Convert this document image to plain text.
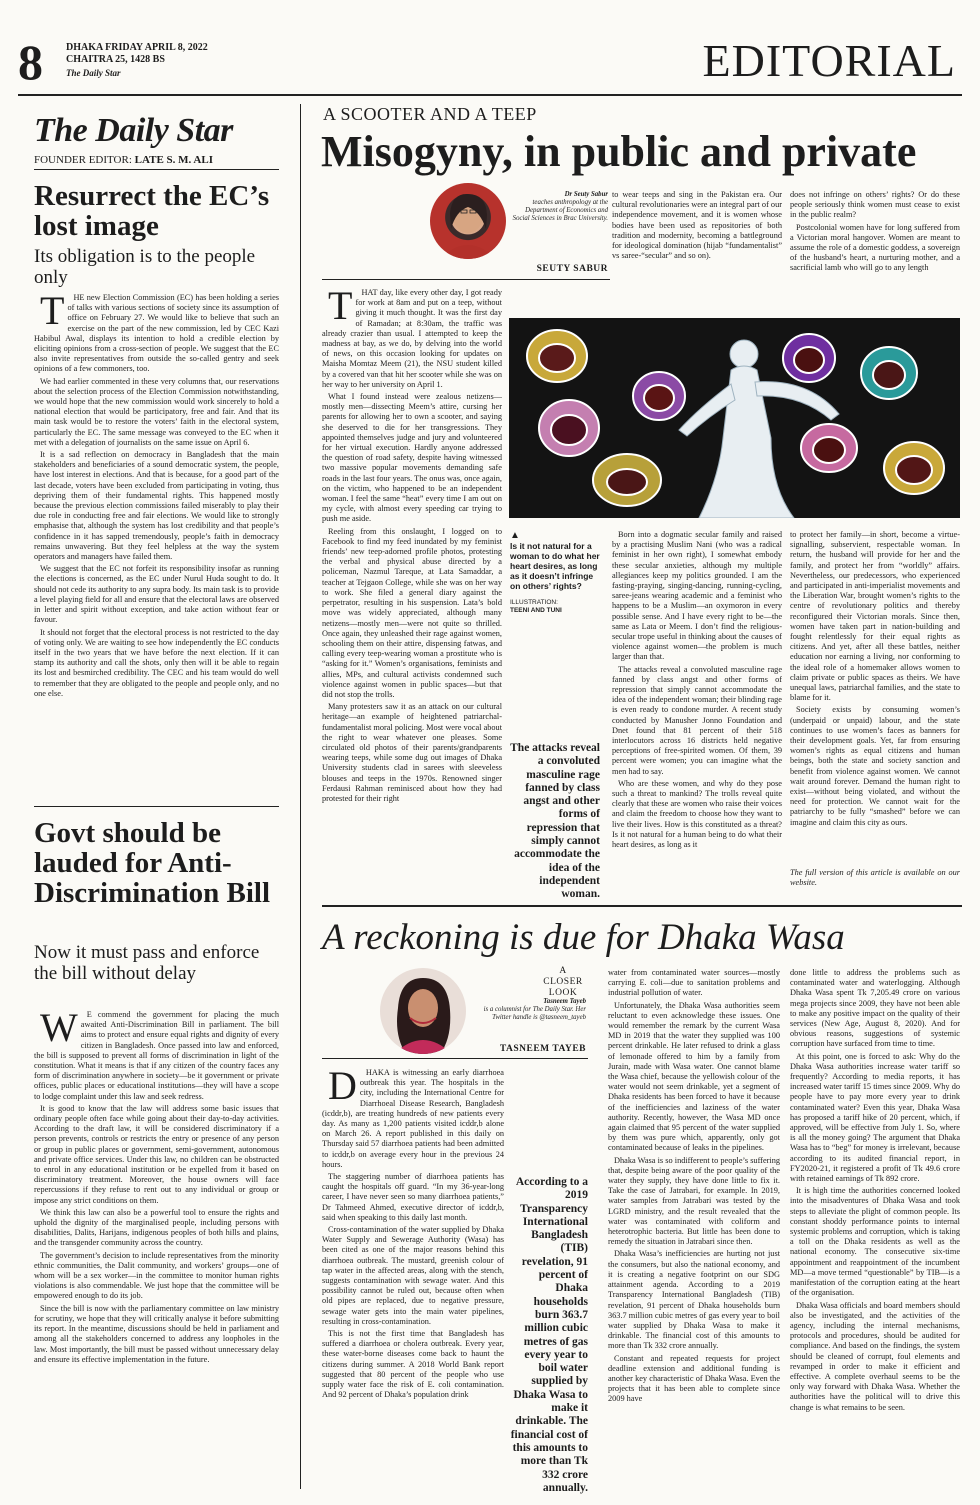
8 DHAKA FRIDAY APRIL 8, 2022
CHAITRA 25, 1428 BS
The Daily Star	EDITORIAL
The Daily Star
FOUNDER EDITOR: LATE S. M. ALI
Resurrect the EC’s lost image
Its obligation is to the people only

THE new Election Commission (EC) has been holding a series of talks with various sections of society since its assumption of office on February 27. We would like to believe that such an exercise on the part of the new commission, led by CEC Kazi Habibul Awal, displays its intention to hold a credible election by eliciting opinions from a cross-section of people. We suggest that the EC also invite representatives from outside the so-called gentry and seek opinions of a few commoners, too.

We had earlier commented in these very columns that, our reservations about the selection process of the Election Commission notwithstanding, we would hope that the new commission would work sincerely to hold a national election that would be participatory, free and fair. And that its main task would be to restore the voters’ faith in the electoral system, particularly the EC. The same message was conveyed to the EC when it met with a delegation of journalists on the same issue on April 6.

It is a sad reflection on democracy in Bangladesh that the main stakeholders and beneficiaries of a sound democratic system, the people, have lost interest in elections. And that is because, for a good part of the last decade, voters have been excluded from participating in voting, thus depriving them of their fundamental rights. This happened mostly because the previous election commissions failed miserably to play their due role in conducting free and fair elections. We would like to strongly emphasise that, although the system has lost credibility and that people’s confidence in it has sapped tremendously, people’s faith in democracy remains unwavering. But they feel helpless at the way the system operators and managers have failed them.

We suggest that the EC not forfeit its responsibility insofar as running the elections is concerned, as the EC under Nurul Huda sought to do. It should not cede its authority to any supra body. Its main task is to provide a level playing field for all and ensure that the electoral laws are observed in letter and spirit without exception, and take action without fear or favour.

It should not forget that the electoral process is not restricted to the day of voting only. We are waiting to see how independently the EC conducts itself in the two years that we have before the next election. If it can stamp its authority and call the shots, only then will it be able to regain its lost and besmirched credibility. The CEC and his team would do well to remember that they are obligated to the people and people only, and no one else.

Govt should be lauded for Anti-Discrimination Bill
Now it must pass and enforce the bill without delay

WE commend the government for placing the much awaited Anti-Discrimination Bill in parliament. The bill aims to protect and ensure equal rights and dignity of every citizen in Bangladesh. Once passed into law and enforced, the bill is supposed to prevent all forms of discrimination in light of the constitution. What it means is that if any citizen of the country faces any form of discrimination anywhere in society—be it government or private offices, public places or educational institutions—they will have a scope to lodge complaint under this law and seek redress.

It is good to know that the law will address some basic issues that ordinary people often face while going about their day-to-day activities. According to the draft law, it will be considered discriminatory if a person prevents, controls or restricts the entry or presence of any person or group in public places or government, semi-government, autonomous and private office services. Under this law, no children can be obstructed to enrol in any educational institution or be expelled from it based on discriminatory treatment. Moreover, the house owners will face repercussions if they refuse to rent out to any individual or group or impose any strict conditions on them.

We think this law can also be a powerful tool to ensure the rights and uphold the dignity of the marginalised people, including persons with disabilities, Dalits, Harijans, indigenous peoples of both hills and plains, and the transgender community across the country.

The government’s decision to include representatives from the minority ethnic communities, the Dalit community, and workers’ groups—one of whom will be a sex worker—in the committee to monitor human rights violations is also commendable. We just hope that the committee will be empowered enough to do its job.

Since the bill is now with the parliamentary committee on law ministry for scrutiny, we hope that they will critically analyse it before submitting its report. In the meantime, discussions should be held in parliament and among all the stakeholders concerned to address any loopholes in the law. Most importantly, the bill must be passed without unnecessary delay and ensure its effective implementation in the future.

A SCOOTER AND A TEEP
Misogyny, in public and private
Dr Seuty Sabur
teaches anthropology at the Department of Economics and Social Sciences in Brac University.
SEUTY SABUR

THAT day, like every other day, I got ready for work at 8am and put on a teep, without giving it much thought. It was the first day of Ramadan; at 8:30am, the traffic was already crazier than usual. I attempted to keep the madness at bay, as we do, by delving into the world of news, on this occasion looking for updates on Maisha Momtaz Meem (21), the NSU student killed by a covered van that hit her scooter while she was on her way to her university on April 1.

What I found instead were zealous netizens—mostly men—dissecting Meem’s attire, cursing her parents for allowing her to own a scooter, and saying she deserved to die for her transgressions. They appointed themselves judge and jury and volunteered for her virtual execution. Hardly anyone addressed the question of road safety, despite having witnessed two massive popular movements demanding safe roads in the last four years. The onus was, once again, on the victim, who happened to be an independent woman. I feel the same “heat” every time I am out on my cycle, with almost every speeding car trying to push me aside.

Reeling from this onslaught, I logged on to Facebook to find my feed inundated by my feminist friends’ new teep-adorned profile photos, protesting the verbal and physical abuse directed by a policeman, Nazmul Tareque, at Lata Samaddar, a teacher at Tejgaon College, while she was on her way to work. She filed a general diary against the perpetrator, resulting in his suspension. Lata’s bold move was widely appreciated, although many netizens—mostly men—were not quite so thrilled. Once again, they unleashed their rage against women, schooling them on their attire, dispensing fatwas, and calling every teep-wearing woman a prostitute who is “asking for it.” Women’s organisations, feminists and allies, MPs, and cultural activists condemned such violence against women in public spaces—but that did not stop the trolls.

Many protesters saw it as an attack on our cultural heritage—an example of heightened patriarchal-fundamentalist moral policing. Most were vocal about the right to wear whatever one pleases. Some circulated old photos of their parents/grandparents wearing teeps, while some dug out images of Dhaka University students clad in sarees with sleeveless blouses and teeps in the 1970s. Renowned singer Ferdausi Rahman reminisced about how they had protested for their right

to wear teeps and sing in the Pakistan era. Our cultural revolutionaries were an integral part of our independence movement, and it is women whose bodies have been used as repositories of both tradition and modernity, becoming a battleground for ideological domination (hijab “fundamentalist” vs saree-“secular” and so on).

does not infringe on others’ rights? Or do these people seriously think women must cease to exist in the public realm?

Postcolonial women have for long suffered from a Victorian moral hangover. Women are meant to assume the role of a domestic goddess, a sovereign of the husband’s heart, a nurturing mother, and a sacrificial lamb who will go to any length

▲
Is it not natural for a woman to do what her heart desires, as long as it doesn’t infringe on others’ rights?
ILLUSTRATION:
TEENI AND TUNI
The attacks reveal a convoluted masculine rage fanned by class angst and other forms of repression that simply cannot accommodate the idea of the independent woman.

Born into a dogmatic secular family and raised by a practising Muslim Nani (who was a radical feminist in her own right), I somewhat embody these secular anxieties, although my multiple allegiances keep my politics grounded. I am the fasting-praying, singing-dancing, running-cycling, saree-jeans wearing academic and a feminist who happens to be a Muslim—an oxymoron in every possible sense. And I have every right to be—the same as Lata or Meem. I don’t find the religious-secular trope useful in thinking about the causes of violence against women—the problem is much larger than that.

The attacks reveal a convoluted masculine rage fanned by class angst and other forms of repression that simply cannot accommodate the idea of the independent woman; their blinding rage is even ready to condone murder. A recent study conducted by Manusher Jonno Foundation and Dnet found that 81 percent of their 518 interlocutors across 16 districts held negative perceptions of free-spirited women. Of them, 39 percent were women; you can imagine what the men had to say.

Who are these women, and why do they pose such a threat to mankind? The trolls reveal quite clearly that these are women who raise their voices and claim the freedom to choose how they want to live their lives. How is this constituted as a threat? Is it not natural for a human being to do what their heart desires, as long as it

to protect her family—in short, become a virtue-signalling, subservient, respectable woman. In return, the husband will provide for her and the family, and protect her from “worldly” affairs. Nevertheless, our predecessors, who experienced and participated in anti-imperialist movements and the Liberation War, brought women’s rights to the centre of revolutionary politics and thereby reconfigured their Victorian morals. Since then, women have taken part in nation-building and fought relentlessly for their equal rights as citizens. And yet, after all these battles, neither education nor earning a living, nor conforming to the ideal role of a homemaker allows women to claim private or public spaces as theirs. We have unequal laws, patriarchal families, and the state to blame for it.

Society exists by consuming women’s (underpaid or unpaid) labour, and the state continues to use women’s faces as banners for their development goals. Yet, far from ensuring women’s rights as equal citizens and human beings, both the state and society sanction and benefit from violence against women. We cannot wait around forever. Demand the human right to exist—without being violated, and without the need for protection. We cannot wait for the patriarchy to be fully “smashed” before we can imagine and claim this city as ours.

The full version of this article is available on our website.
A reckoning is due for Dhaka Wasa
A CLOSER LOOK
Tasneem Tayeb
is a columnist for The Daily Star. Her Twitter handle is @tasneem_tayeb
TASNEEM TAYEB

DHAKA is witnessing an early diarrhoea outbreak this year. The hospitals in the city, including the International Centre for Diarrhoeal Disease Research, Bangladesh (icddr,b), are treating hundreds of new patients every day. As many as 1,200 patients visited icddr,b alone on March 26. A report published in this daily on Thursday said 57 diarrhoea patients had been admitted to icddr,b on average every hour in the previous 24 hours.

The staggering number of diarrhoea patients has caught the hospitals off guard. “In my 36-year-long career, I have never seen so many diarrhoea patients,” Dr Tahmeed Ahmed, executive director of icddr,b, said when speaking to this daily last month.

Cross-contamination of the water supplied by Dhaka Water Supply and Sewerage Authority (Wasa) has been cited as one of the major reasons behind this diarrhoea outbreak. The mustard, greenish colour of tap water in the affected areas, along with the stench, suggests contamination with sewage water. And this possibility cannot be ruled out, because often when old pipes are replaced, due to negative pressure, sewage water gets into the main water pipelines, resulting in cross-contamination.

This is not the first time that Bangladesh has suffered a diarrhoea or cholera outbreak. Every year, these water-borne diseases come back to haunt the citizens during summer. A 2018 World Bank report suggested that 80 percent of the people who use supply water face the risk of E. coli contamination. And 92 percent of Dhaka’s population drink

According to a 2019 Transparency International Bangladesh (TIB) revelation, 91 percent of Dhaka households burn 363.7 million cubic metres of gas every year to boil water supplied by Dhaka Wasa to make it drinkable. The financial cost of this amounts to more than Tk 332 crore annually.

water from contaminated water sources—mostly carrying E. coli—due to sanitation problems and industrial pollution of water.

Unfortunately, the Dhaka Wasa authorities seem reluctant to even acknowledge these issues. One would remember the remark by the current Wasa MD in 2019 that the water they supplied was 100 percent drinkable. He later refused to drink a glass of lemonade offered to him by a family from Jurain, made with Wasa water. One cannot blame the Wasa chief, because the yellowish colour of the water would not seem drinkable, yet a segment of Dhaka residents has been forced to have it because of the inefficiencies and laziness of the water authority. Recently, however, the Wasa MD once again claimed that 95 percent of the water supplied by them was pure which, apparently, only got contaminated because of leaks in the pipelines.

Dhaka Wasa is so indifferent to people’s suffering that, despite being aware of the poor quality of the water they supply, they have done little to fix it. Take the case of Jatrabari, for example. In 2019, water samples from Jatrabari was tested by the LGRD ministry, and the result revealed that the water was contaminated with coliform and heterotrophic bacteria. But little has been done to remedy the situation in Jatrabari since then.

Dhaka Wasa’s inefficiencies are hurting not just the consumers, but also the national economy, and it is creating a negative footprint on our SDG attainment agenda. According to a 2019 Transparency International Bangladesh (TIB) revelation, 91 percent of Dhaka households burn 363.7 million cubic metres of gas every year to boil water supplied by Dhaka Wasa to make it drinkable. The financial cost of this amounts to more than Tk 332 crore annually.

Constant and repeated requests for project deadline extension and additional funding is another key characteristic of Dhaka Wasa. Even the projects that it has been able to complete since 2009 have

done little to address the problems such as contaminated water and waterlogging. Although Dhaka Wasa spent Tk 7,205.49 crore on various mega projects since 2009, they have not been able to make any positive impact on the quality of their services (New Age, August 8, 2020). And for obvious reasons, suggestions of systemic corruption have surfaced from time to time.

At this point, one is forced to ask: Why do the Dhaka Wasa authorities increase water tariff so frequently? According to media reports, it has increased water tariff 15 times since 2009. Why do people have to pay more every year to drink contaminated water? Even this year, Dhaka Wasa has proposed a tariff hike of 20 percent, which, if approved, will be effective from July 1. So, where is all the money going? The argument that Dhaka Wasa has to “beg” for money is irrelevant, because according to its audited financial report, in FY2020-21, it registered a profit of Tk 49.6 crore with retained earnings of Tk 892 crore.

It is high time the authorities concerned looked into the misadventures of Dhaka Wasa and took steps to alleviate the plight of common people. Its constant shoddy performance points to internal systemic problems and corruption, which is taking a toll on the Dhaka residents as well as the national economy. The consecutive six-time appointment and reappointment of the incumbent MD—a move termed “questionable” by TIB—is a manifestation of the corruption eating at the heart of the organisation.

Dhaka Wasa officials and board members should also be investigated, and the activities of the agency, including the internal mechanisms, protocols and procedures, should be audited for compliance. And based on the findings, the system should be cleaned of corrupt, foul elements and revamped in order to make it efficient and effective. A complete overhaul seems to be the only way forward with Dhaka Wasa. Whether the authorities have the political will to drive this change is what remains to be seen.
